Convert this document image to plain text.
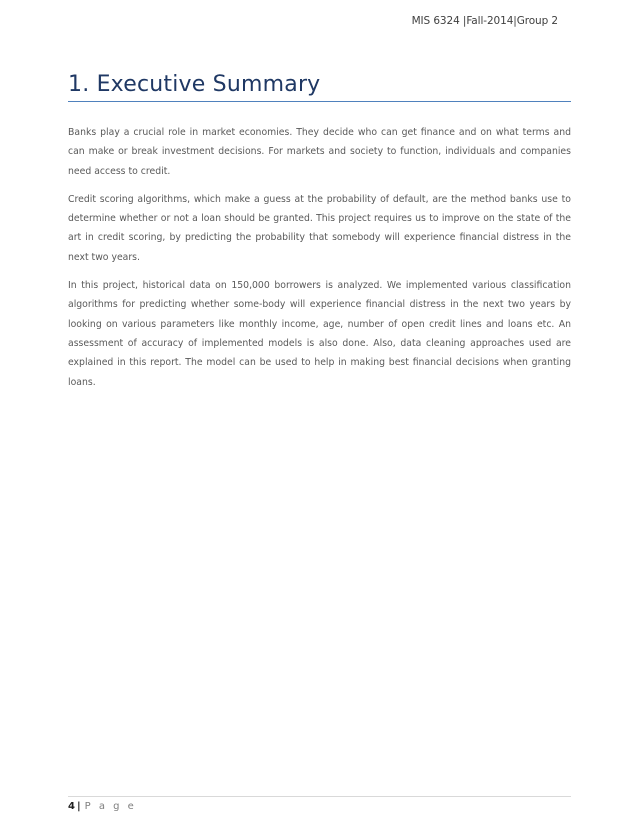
MIS 6324 |Fall-2014|Group 2
1. Executive Summary

Banks play a crucial role in market economies. They decide who can get finance and on what terms and can make or break investment decisions. For markets and society to function, individuals and companies need access to credit.

Credit scoring algorithms, which make a guess at the probability of default, are the method banks use to determine whether or not a loan should be granted. This project requires us to improve on the state of the art in credit scoring, by predicting the probability that somebody will experience financial distress in the next two years.

In this project, historical data on 150,000 borrowers is analyzed. We implemented various classification algorithms for predicting whether some-body will experience financial distress in the next two years by looking on various parameters like monthly income, age, number of open credit lines and loans etc. An assessment of accuracy of implemented models is also done. Also, data cleaning approaches used are explained in this report. The model can be used to help in making best financial decisions when granting loans.

4 | P a g e
